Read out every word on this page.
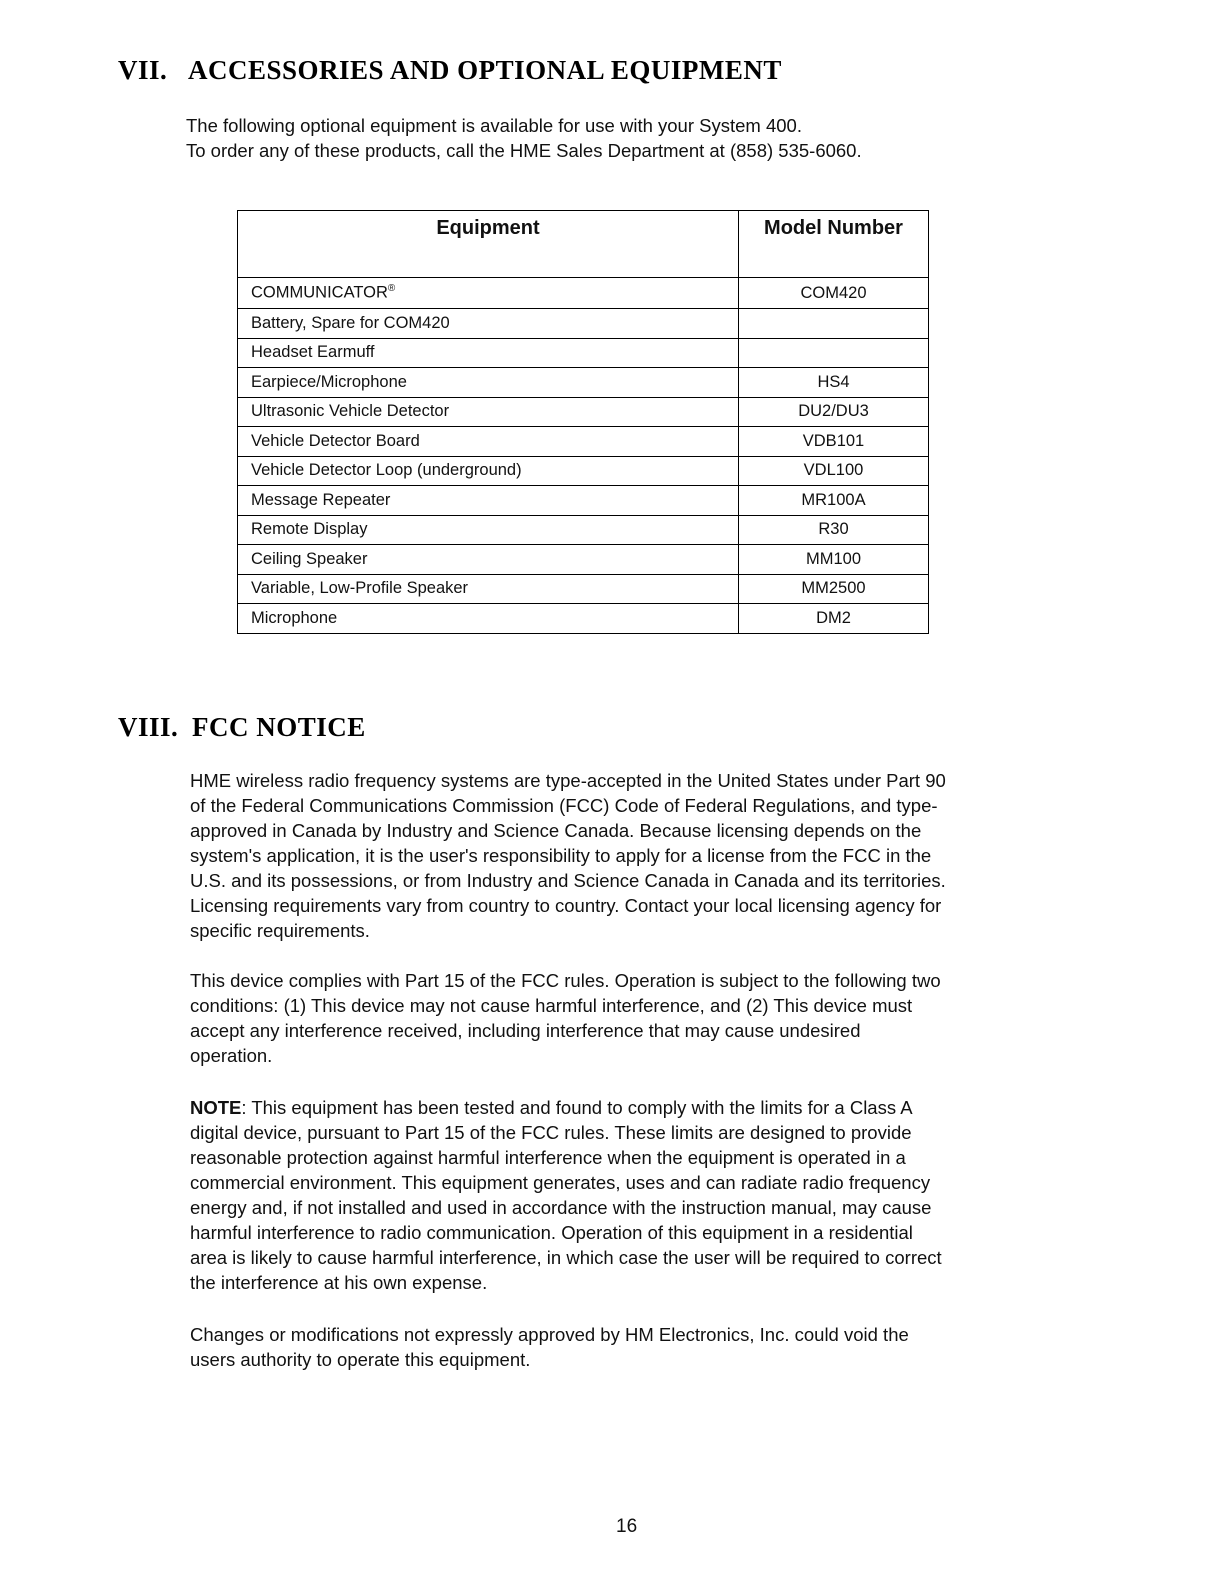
VII. ACCESSORIES AND OPTIONAL EQUIPMENT
The following optional equipment is available for use with your System 400.
To order any of these products, call the HME Sales Department at (858) 535-6060.
Equipment	Model Number
COMMUNICATOR®	COM420
Battery, Spare for COM420	
Headset Earmuff	
Earpiece/Microphone	HS4
Ultrasonic Vehicle Detector	DU2/DU3
Vehicle Detector Board	VDB101
Vehicle Detector Loop (underground)	VDL100
Message Repeater	MR100A
Remote Display	R30
Ceiling Speaker	MM100
Variable, Low-Profile Speaker	MM2500
Microphone	DM2
VIII. FCC NOTICE
HME wireless radio frequency systems are type-accepted in the United States under Part 90
of the Federal Communications Commission (FCC) Code of Federal Regulations, and type-
approved in Canada by Industry and Science Canada. Because licensing depends on the
system's application, it is the user's responsibility to apply for a license from the FCC in the
U.S. and its possessions, or from Industry and Science Canada in Canada and its territories.
Licensing requirements vary from country to country. Contact your local licensing agency for
specific requirements.
This device complies with Part 15 of the FCC rules. Operation is subject to the following two
conditions: (1) This device may not cause harmful interference, and (2) This device must
accept any interference received, including interference that may cause undesired
operation.
NOTE: This equipment has been tested and found to comply with the limits for a Class A
digital device, pursuant to Part 15 of the FCC rules. These limits are designed to provide
reasonable protection against harmful interference when the equipment is operated in a
commercial environment. This equipment generates, uses and can radiate radio frequency
energy and, if not installed and used in accordance with the instruction manual, may cause
harmful interference to radio communication. Operation of this equipment in a residential
area is likely to cause harmful interference, in which case the user will be required to correct
the interference at his own expense.
Changes or modifications not expressly approved by HM Electronics, Inc. could void the
users authority to operate this equipment.
16
